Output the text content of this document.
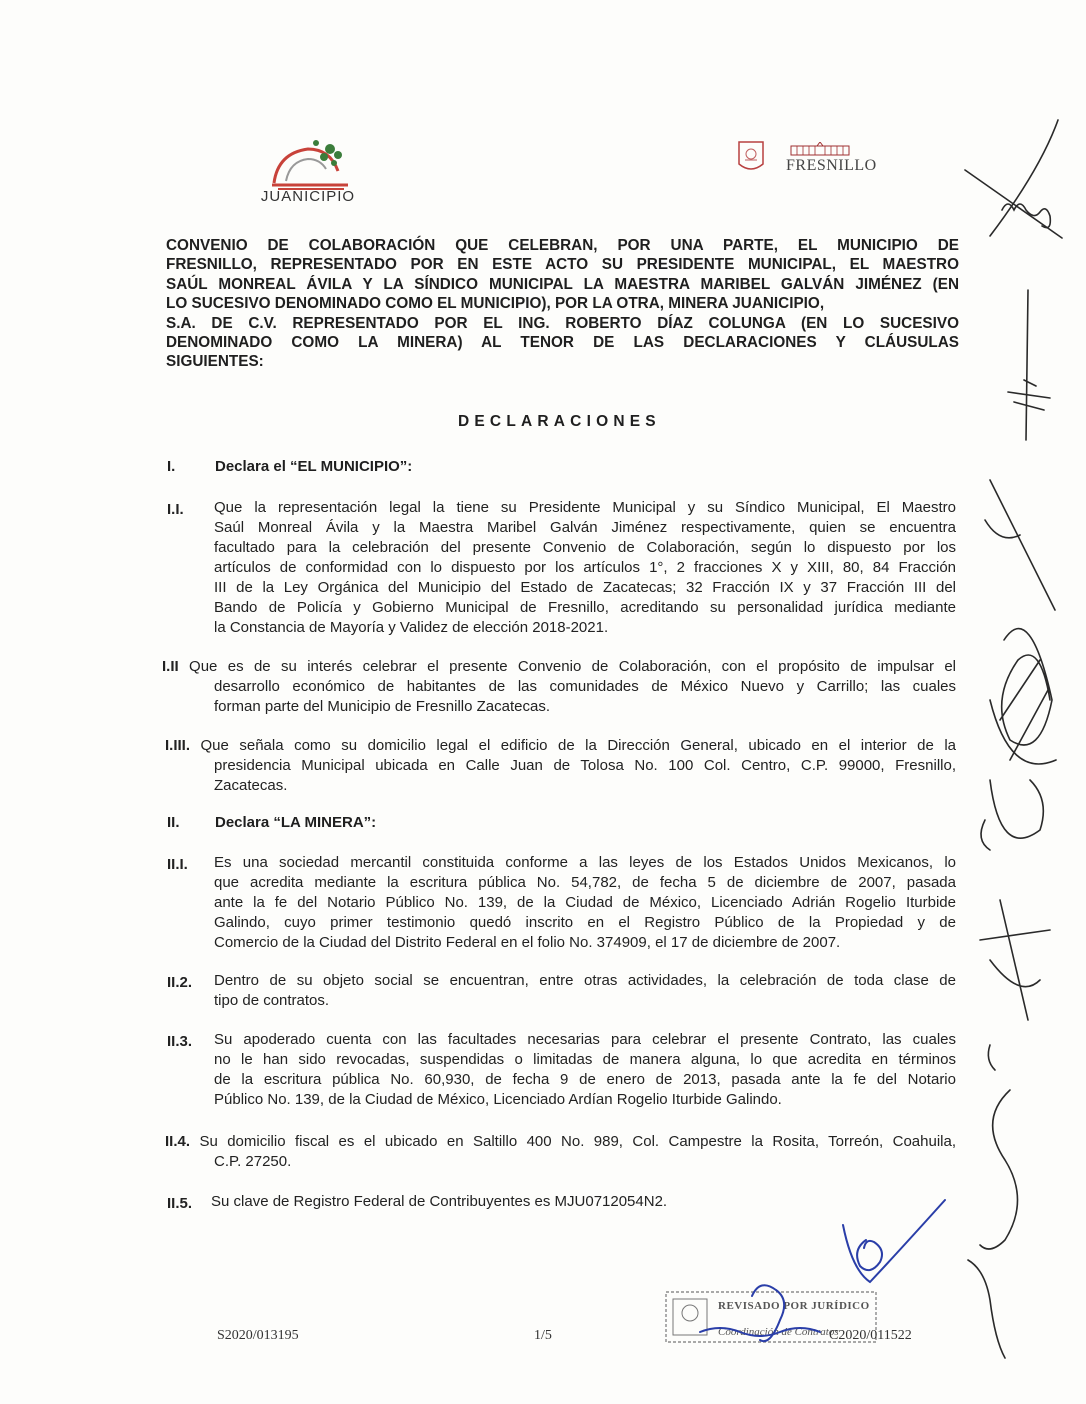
JUANICIPIO
FRESNILLO
CONVENIO DE COLABORACIÓN QUE CELEBRAN, POR UNA PARTE, EL MUNICIPIO DE
FRESNILLO, REPRESENTADO POR EN ESTE ACTO SU PRESIDENTE MUNICIPAL, EL MAESTRO
SAÚL MONREAL ÁVILA Y LA SÍNDICO MUNICIPAL LA MAESTRA MARIBEL GALVÁN JIMÉNEZ (EN
LO SUCESIVO DENOMINADO COMO EL MUNICIPIO), POR LA OTRA, MINERA JUANICIPIO,
S.A. DE C.V. REPRESENTADO POR EL ING. ROBERTO DÍAZ COLUNGA (EN LO SUCESIVO
DENOMINADO COMO LA MINERA) AL TENOR DE LAS DECLARACIONES Y CLÁUSULAS
SIGUIENTES:
DECLARACIONES
I.	Declara el “EL MUNICIPIO”:
I.I. Que la representación legal la tiene su Presidente Municipal y su Síndico Municipal, El Maestro
Saúl Monreal Ávila y la Maestra Maribel Galván Jiménez respectivamente, quien se encuentra
facultado para la celebración del presente Convenio de Colaboración, según lo dispuesto por los
artículos de conformidad con lo dispuesto por los artículos 1°, 2 fracciones X y XIII, 80, 84 Fracción
III de la Ley Orgánica del Municipio del Estado de Zacatecas; 32 Fracción IX y 37 Fracción III del
Bando de Policía y Gobierno Municipal de Fresnillo, acreditando su personalidad jurídica mediante
la Constancia de Mayoría y Validez de elección 2018-2021.
I.II Que es de su interés celebrar el presente Convenio de Colaboración, con el propósito de impulsar el
desarrollo económico de habitantes de las comunidades de México Nuevo y Carrillo; las cuales
forman parte del Municipio de Fresnillo Zacatecas.
I.III. Que señala como su domicilio legal el edificio de la Dirección General, ubicado en el interior de la
presidencia Municipal ubicada en Calle Juan de Tolosa No. 100 Col. Centro, C.P. 99000, Fresnillo,
Zacatecas.
II. Declara “LA MINERA”:
II.I. Es una sociedad mercantil constituida conforme a las leyes de los Estados Unidos Mexicanos, lo
que acredita mediante la escritura pública No. 54,782, de fecha 5 de diciembre de 2007, pasada
ante la fe del Notario Público No. 139, de la Ciudad de México, Licenciado Adrián Rogelio Iturbide
Galindo, cuyo primer testimonio quedó inscrito en el Registro Público de la Propiedad y de
Comercio de la Ciudad del Distrito Federal en el folio No. 374909, el 17 de diciembre de 2007.
II.2. Dentro de su objeto social se encuentran, entre otras actividades, la celebración de toda clase de
tipo de contratos.
II.3. Su apoderado cuenta con las facultades necesarias para celebrar el presente Contrato, las cuales
no le han sido revocadas, suspendidas o limitadas de manera alguna, lo que acredita en términos
de la escritura pública No. 60,930, de fecha 9 de enero de 2013, pasada ante la fe del Notario
Público No. 139, de la Ciudad de México, Licenciado Ardían Rogelio Iturbide Galindo.
II.4. Su domicilio fiscal es el ubicado en Saltillo 400 No. 989, Col. Campestre la Rosita, Torreón, Coahuila,
C.P. 27250.
II.5. Su clave de Registro Federal de Contribuyentes es MJU0712054N2.
REVISADO POR JURÍDICO
Coordinación de Contratos
S2020/013195	1/5	C2020/011522
